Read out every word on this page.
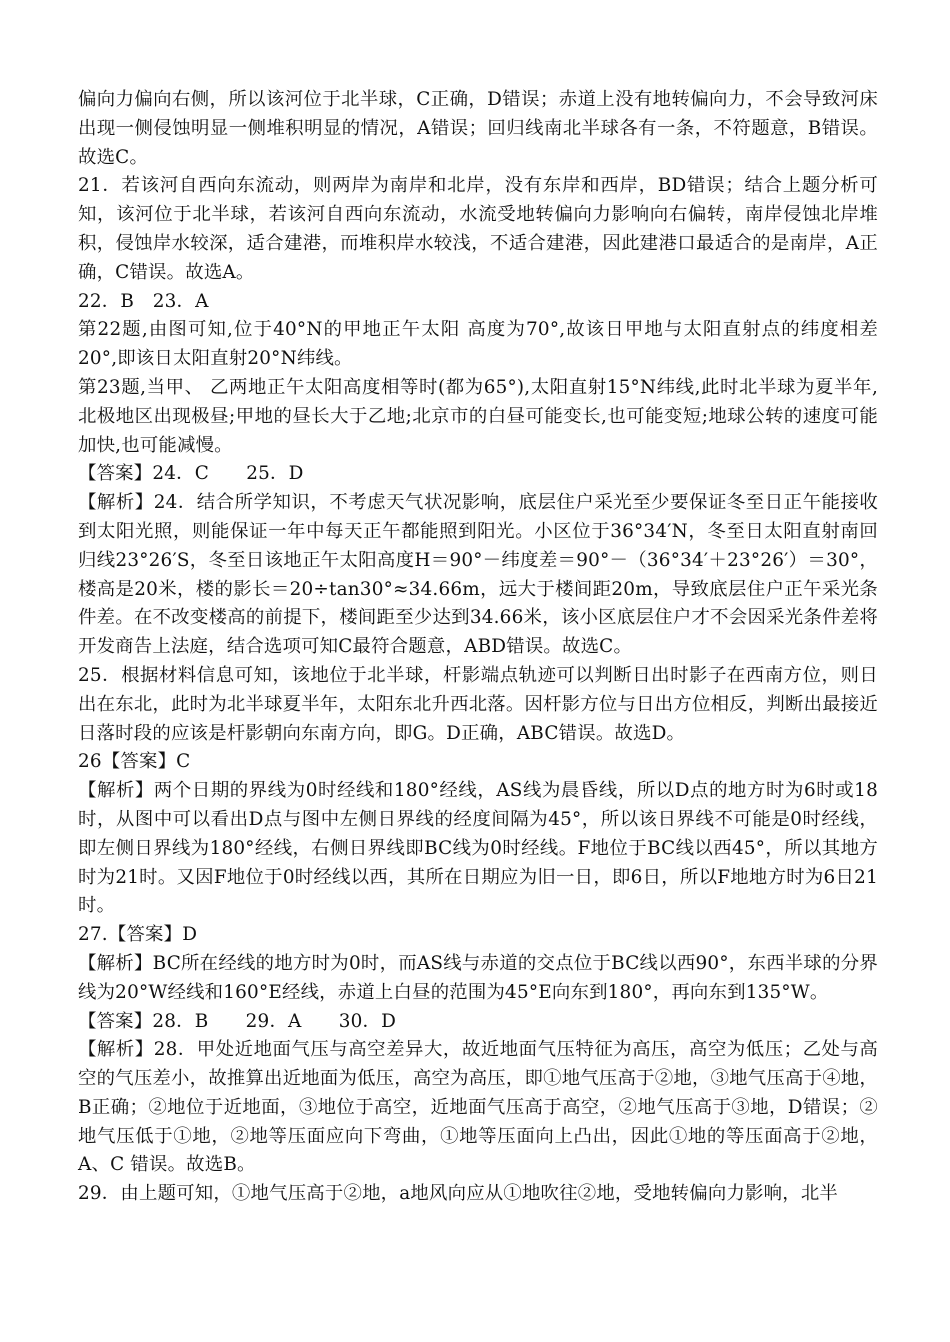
偏向力偏向右侧，所以该河位于北半球，C正确，D错误；赤道上没有地转偏向力，不会导致河床出现一侧侵蚀明显一侧堆积明显的情况，A错误；回归线南北半球各有一条，不符题意，B错误。故选C。

21．若该河自西向东流动，则两岸为南岸和北岸，没有东岸和西岸，BD错误；结合上题分析可知，该河位于北半球，若该河自西向东流动，水流受地转偏向力影响向右偏转，南岸侵蚀北岸堆积，侵蚀岸水较深，适合建港，而堆积岸水较浅，不适合建港，因此建港口最适合的是南岸，A正确，C错误。故选A。

22．B　23．A

第22题,由图可知,位于40°N的甲地正午太阳 高度为70°,故该日甲地与太阳直射点的纬度相差20°,即该日太阳直射20°N纬线。

第23题,当甲、 乙两地正午太阳高度相等时(都为65°),太阳直射15°N纬线,此时北半球为夏半年,北极地区出现极昼;甲地的昼长大于乙地;北京市的白昼可能变长,也可能变短;地球公转的速度可能加快,也可能减慢。

【答案】24．C　　25．D

【解析】24．结合所学知识，不考虑天气状况影响，底层住户采光至少要保证冬至日正午能接收到太阳光照，则能保证一年中每天正午都能照到阳光。小区位于36°34′N，冬至日太阳直射南回归线23°26′S，冬至日该地正午太阳高度H＝90°－纬度差＝90°－（36°34′＋23°26′）＝30°，楼高是20米，楼的影长＝20÷tan30°≈34.66m，远大于楼间距20m，导致底层住户正午采光条件差。在不改变楼高的前提下，楼间距至少达到34.66米，该小区底层住户才不会因采光条件差将开发商告上法庭，结合选项可知C最符合题意，ABD错误。故选C。

25．根据材料信息可知，该地位于北半球，杆影端点轨迹可以判断日出时影子在西南方位，则日出在东北，此时为北半球夏半年，太阳东北升西北落。因杆影方位与日出方位相反，判断出最接近日落时段的应该是杆影朝向东南方向，即G。D正确，ABC错误。故选D。

26【答案】C

【解析】两个日期的界线为0时经线和180°经线，AS线为晨昏线，所以D点的地方时为6时或18时，从图中可以看出D点与图中左侧日界线的经度间隔为45°，所以该日界线不可能是0时经线，即左侧日界线为180°经线，右侧日界线即BC线为0时经线。F地位于BC线以西45°，所以其地方时为21时。又因F地位于0时经线以西，其所在日期应为旧一日，即6日，所以F地地方时为6日21时。

27.【答案】D

【解析】BC所在经线的地方时为0时，而AS线与赤道的交点位于BC线以西90°，东西半球的分界线为20°W经线和160°E经线，赤道上白昼的范围为45°E向东到180°，再向东到135°W。

【答案】28．B　　29．A　　30．D

【解析】28．甲处近地面气压与高空差异大，故近地面气压特征为高压，高空为低压；乙处与高空的气压差小，故推算出近地面为低压，高空为高压，即①地气压高于②地，③地气压高于④地，B正确；②地位于近地面，③地位于高空，近地面气压高于高空，②地气压高于③地，D错误；②地气压低于①地，②地等压面应向下弯曲，①地等压面向上凸出，因此①地的等压面高于②地，A、C 错误。故选B。

29．由上题可知，①地气压高于②地，a地风向应从①地吹往②地，受地转偏向力影响，北半
